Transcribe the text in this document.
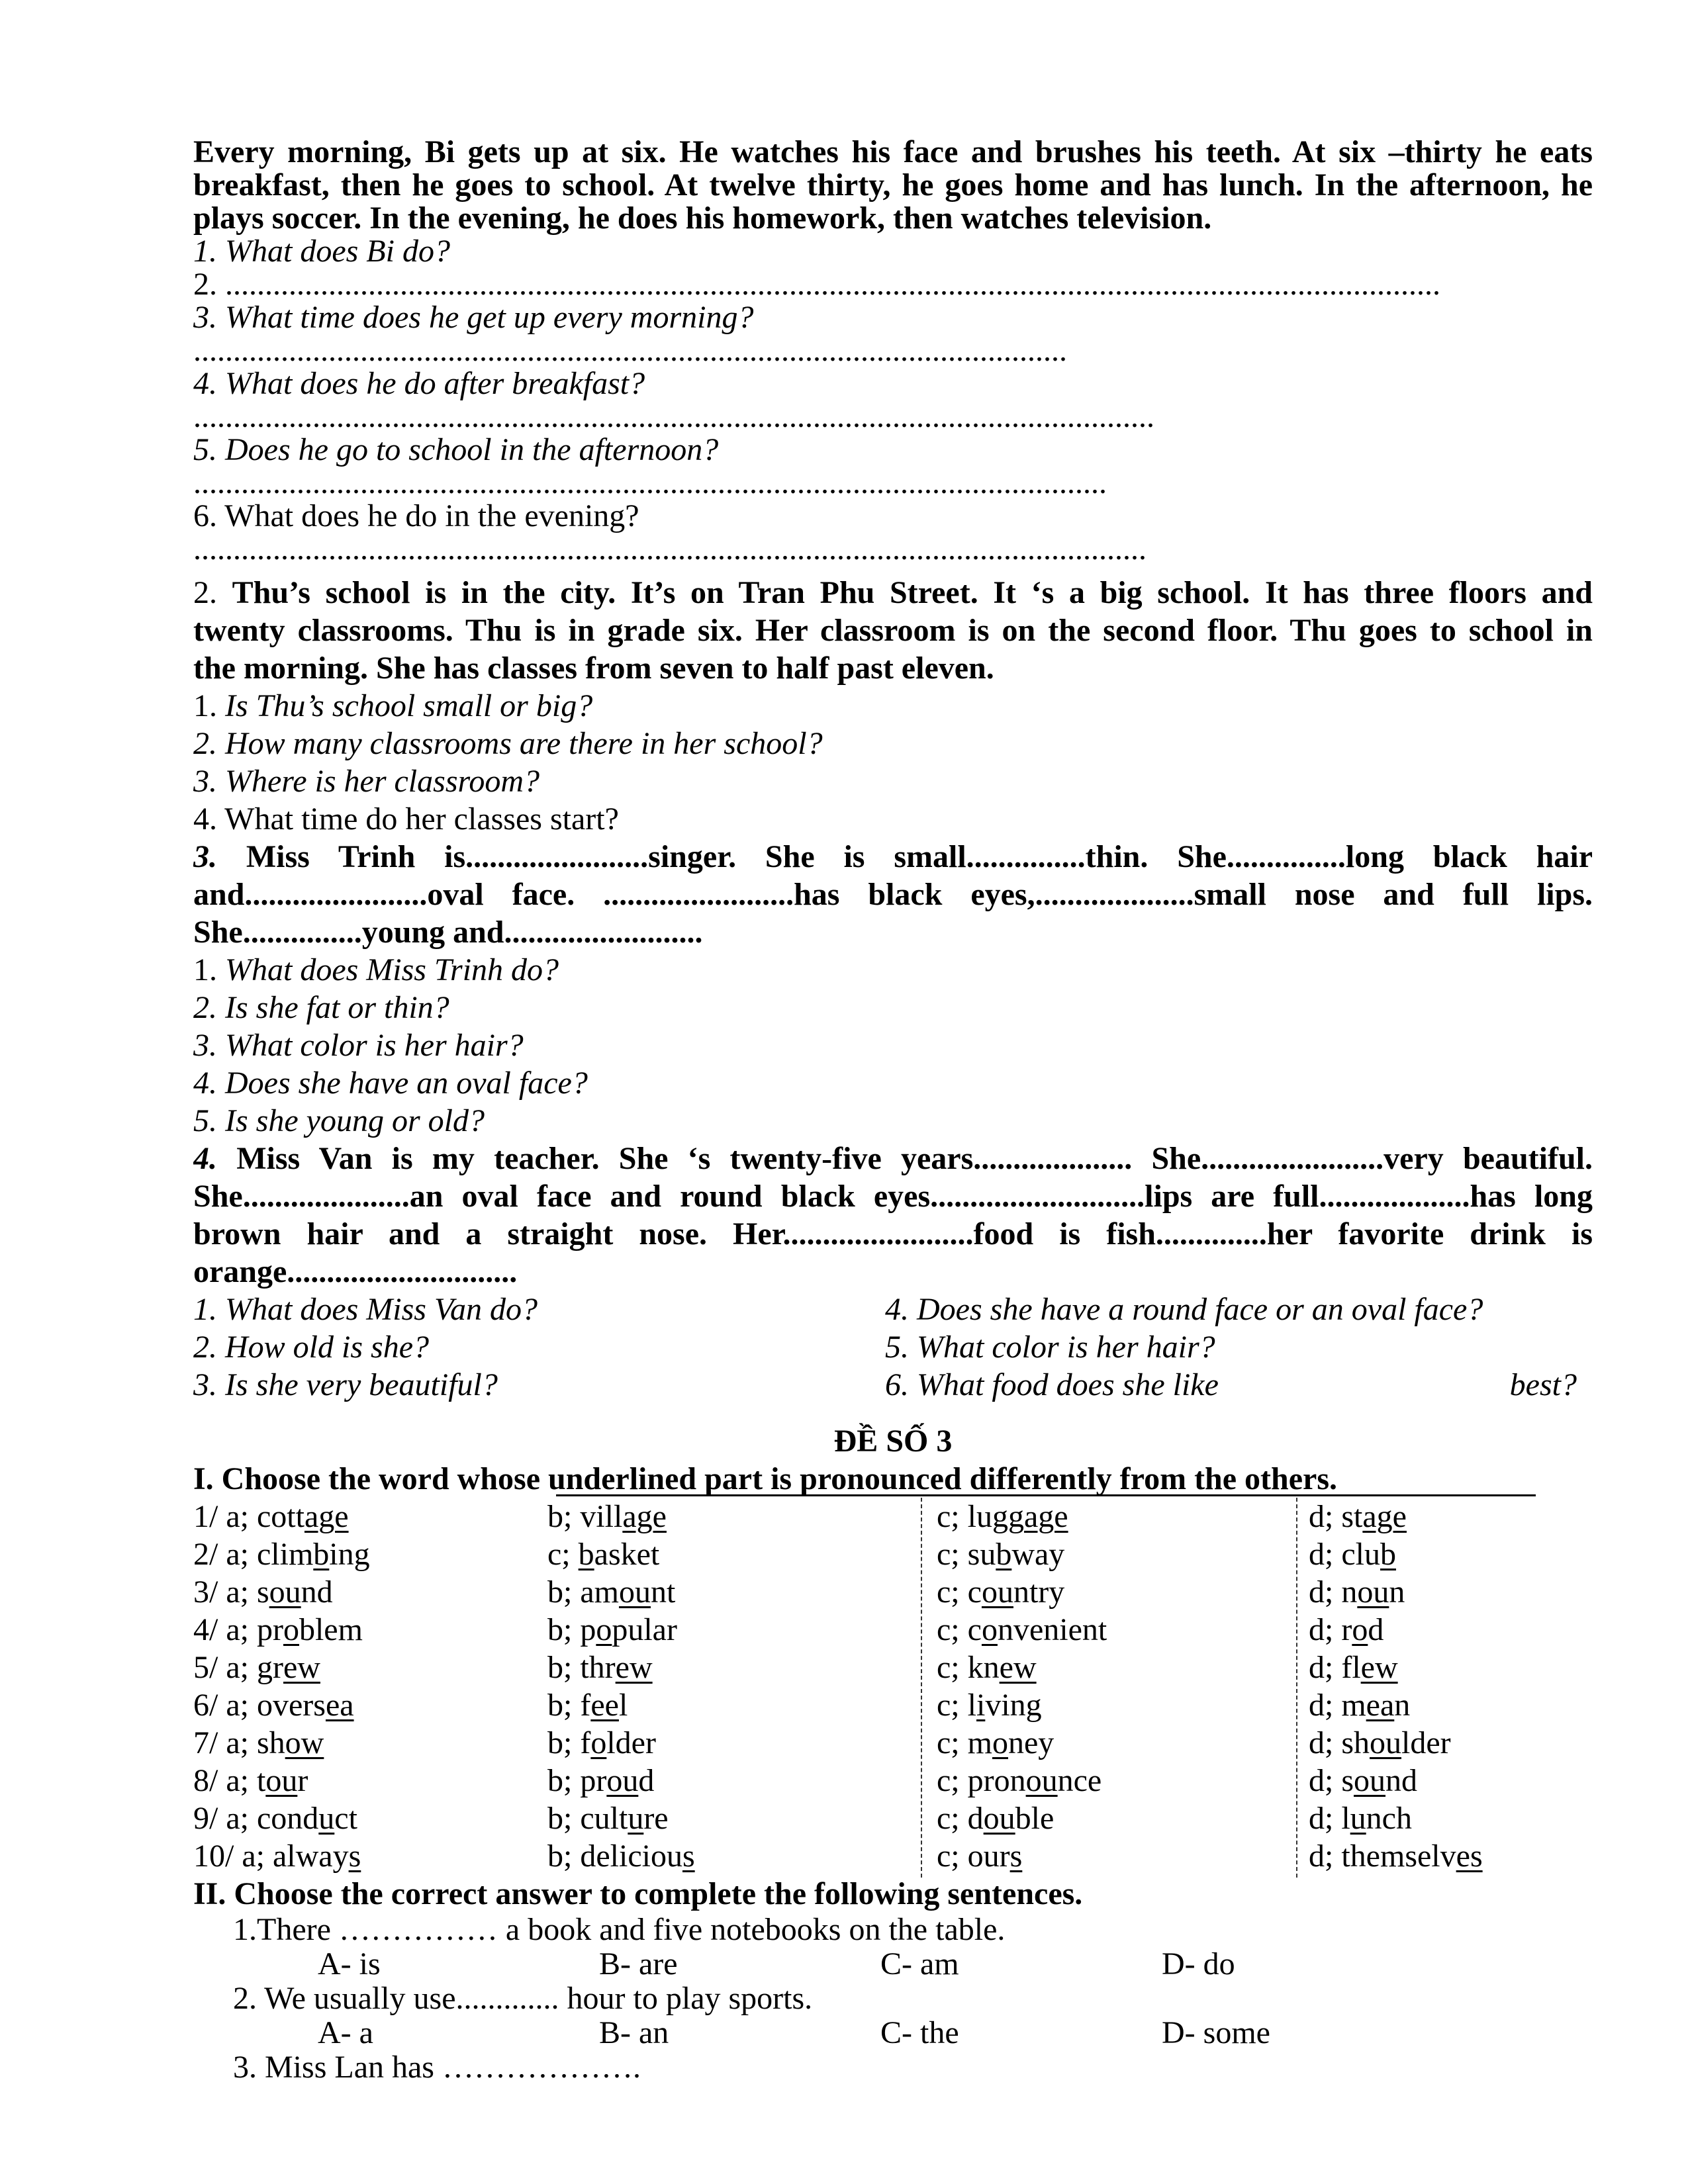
Every morning, Bi gets up at six. He watches his face and brushes his teeth. At six –thirty he eats
breakfast, then he goes to school. At twelve thirty, he goes home and has lunch. In the afternoon, he
plays soccer. In the evening, he does his homework, then watches television.
1. What does Bi do?
2. .........................................................................................................................................................
3. What time does he get up every morning?
..............................................................................................................
4. What does he do after breakfast?
.........................................................................................................................
5. Does he go to school in the afternoon?
...................................................................................................................
6. What does he do in the evening?
........................................................................................................................
2. Thu’s school is in the city. It’s on Tran Phu Street. It ‘s a big school. It has three floors and
twenty classrooms. Thu is in grade six. Her classroom is on the second floor. Thu goes to school in
the morning. She has classes from seven to half past eleven.
1. Is Thu’s school small or big?
2. How many classrooms are there in her school?
3. Where is her classroom?
4. What time do her classes start?
3. Miss Trinh is.......................singer. She is small...............thin. She...............long black hair
and.......................oval face. ........................has black eyes,....................small nose and full lips.
She...............young and.........................
1. What does Miss Trinh do?
2. Is she fat or thin?
3. What color is her hair?
4. Does she have an oval face?
5. Is she young or old?
4. Miss Van is my teacher. She ‘s twenty-five years.................... She.......................very beautiful.
She.....................an oval face and round black eyes...........................lips are full...................has long
brown hair and a straight nose. Her........................food is fish..............her favorite drink is
orange.............................
1. What does Miss Van do?	4. Does she have a round face or an oval face?
2. How old is she?	5. What color is her hair?
3. Is she very beautiful?	6. What food does she like	best?
ĐỀ SỐ 3
I. Choose the word whose underlined part is pronounced differently from the others.
1/ a; cottage	b; village	c; luggage	d; stage
2/ a; climbing	c; basket	c; subway	d; club
3/ a; sound	b; amount	c; country	d; noun
4/ a; problem	b; popular	c; convenient	d; rod
5/ a; grew	b; threw	c; knew	d; flew
6/ a; oversea	b; feel	c; living	d; mean
7/ a; show	b; folder	c; money	d; shoulder
8/ a; tour	b; proud	c; pronounce	d; sound
9/ a; conduct	b; culture	c; double	d; lunch
10/ a; always	b; delicious	c; ours	d; themselves
II. Choose the correct answer to complete the following sentences.
1.There …………… a book and five notebooks on the table.
A- is	B- are	C- am	D- do
2. We usually use............. hour to play sports.
A- a	B- an	C- the	D- some
3. Miss Lan has ……………….
